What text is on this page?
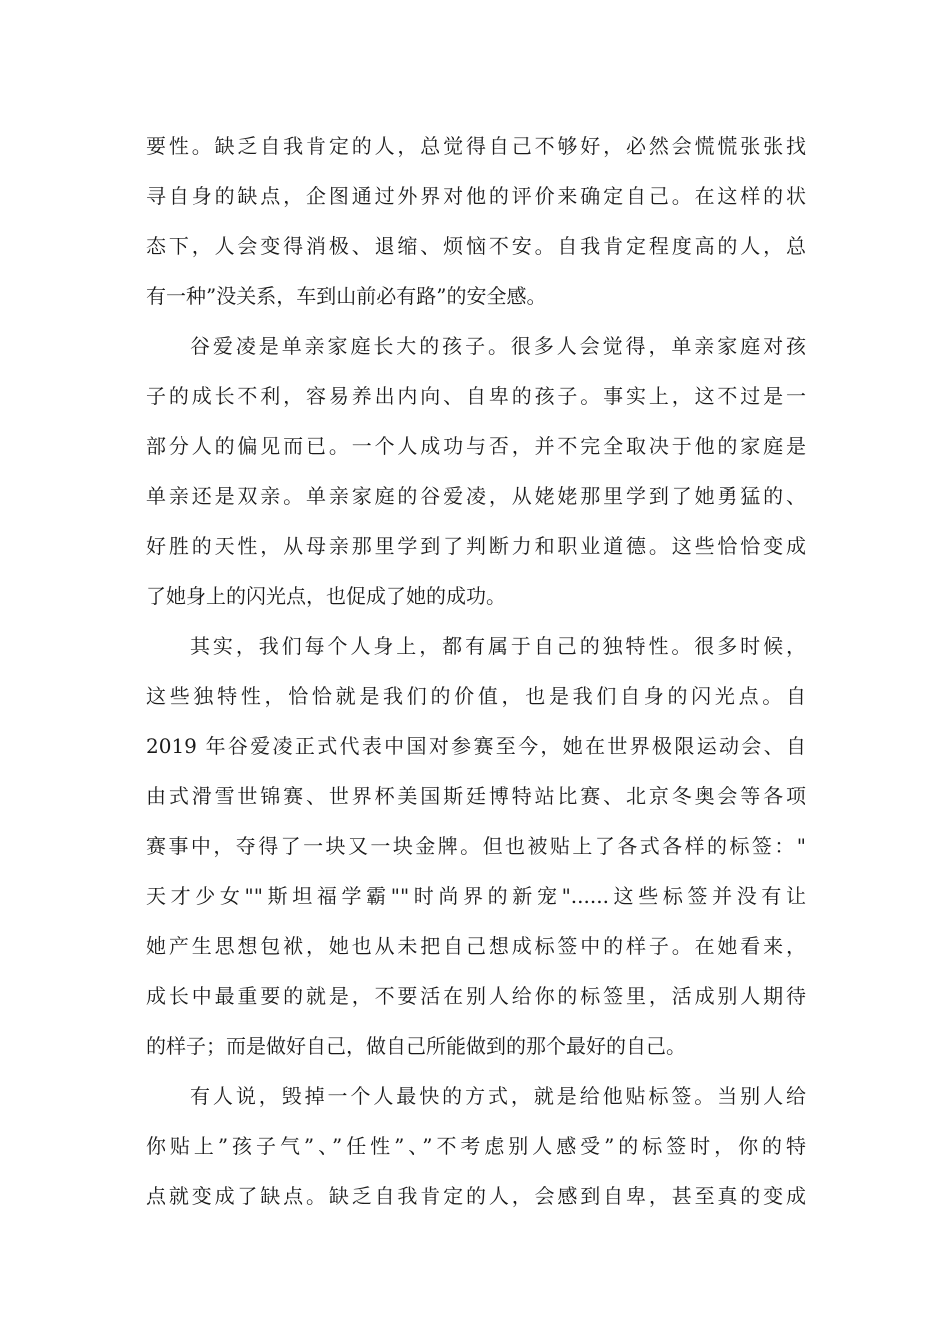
要性。缺乏自我肯定的人，总觉得自己不够好，必然会慌慌张张找
寻自身的缺点，企图通过外界对他的评价来确定自己。在这样的状
态下，人会变得消极、退缩、烦恼不安。自我肯定程度高的人，总
有一种”没关系，车到山前必有路”的安全感。
谷爱凌是单亲家庭长大的孩子。很多人会觉得，单亲家庭对孩
子的成长不利，容易养出内向、自卑的孩子。事实上，这不过是一
部分人的偏见而已。一个人成功与否，并不完全取决于他的家庭是
单亲还是双亲。单亲家庭的谷爱凌，从姥姥那里学到了她勇猛的、
好胜的天性，从母亲那里学到了判断力和职业道德。这些恰恰变成
了她身上的闪光点，也促成了她的成功。
其实，我们每个人身上，都有属于自己的独特性。很多时候，
这些独特性，恰恰就是我们的价值，也是我们自身的闪光点。自
2019 年谷爱凌正式代表中国对参赛至今，她在世界极限运动会、自
由式滑雪世锦赛、世界杯美国斯廷博特站比赛、北京冬奥会等各项
赛事中，夺得了一块又一块金牌。但也被贴上了各式各样的标签："
天才少女""斯坦福学霸""时尚界的新宠"......这些标签并没有让
她产生思想包袱，她也从未把自己想成标签中的样子。在她看来，
成长中最重要的就是，不要活在别人给你的标签里，活成别人期待
的样子；而是做好自己，做自己所能做到的那个最好的自己。
有人说，毁掉一个人最快的方式，就是给他贴标签。当别人给
你贴上”孩子气”、”任性”、”不考虑别人感受”的标签时，你的特
点就变成了缺点。缺乏自我肯定的人，会感到自卑，甚至真的变成
